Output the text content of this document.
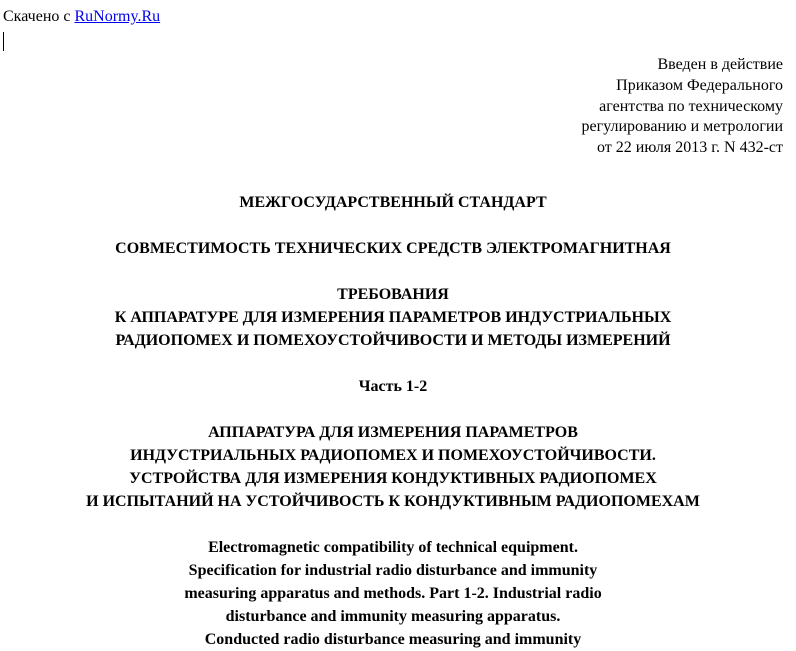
Скачено с RuNormy.Ru
Введен в действие
Приказом Федерального
агентства по техническому
регулированию и метрологии
от 22 июля 2013 г. N 432-ст
МЕЖГОСУДАРСТВЕННЫЙ СТАНДАРТ
СОВМЕСТИМОСТЬ ТЕХНИЧЕСКИХ СРЕДСТВ ЭЛЕКТРОМАГНИТНАЯ
ТРЕБОВАНИЯ
К АППАРАТУРЕ ДЛЯ ИЗМЕРЕНИЯ ПАРАМЕТРОВ ИНДУСТРИАЛЬНЫХ
РАДИОПОМЕХ И ПОМЕХОУСТОЙЧИВОСТИ И МЕТОДЫ ИЗМЕРЕНИЙ
Часть 1-2
АППАРАТУРА ДЛЯ ИЗМЕРЕНИЯ ПАРАМЕТРОВ
ИНДУСТРИАЛЬНЫХ РАДИОПОМЕХ И ПОМЕХОУСТОЙЧИВОСТИ.
УСТРОЙСТВА ДЛЯ ИЗМЕРЕНИЯ КОНДУКТИВНЫХ РАДИОПОМЕХ
И ИСПЫТАНИЙ НА УСТОЙЧИВОСТЬ К КОНДУКТИВНЫМ РАДИОПОМЕХАМ
Electromagnetic compatibility of technical equipment.
Specification for industrial radio disturbance and immunity
measuring apparatus and methods. Part 1-2. Industrial radio
disturbance and immunity measuring apparatus.
Conducted radio disturbance measuring and immunity
